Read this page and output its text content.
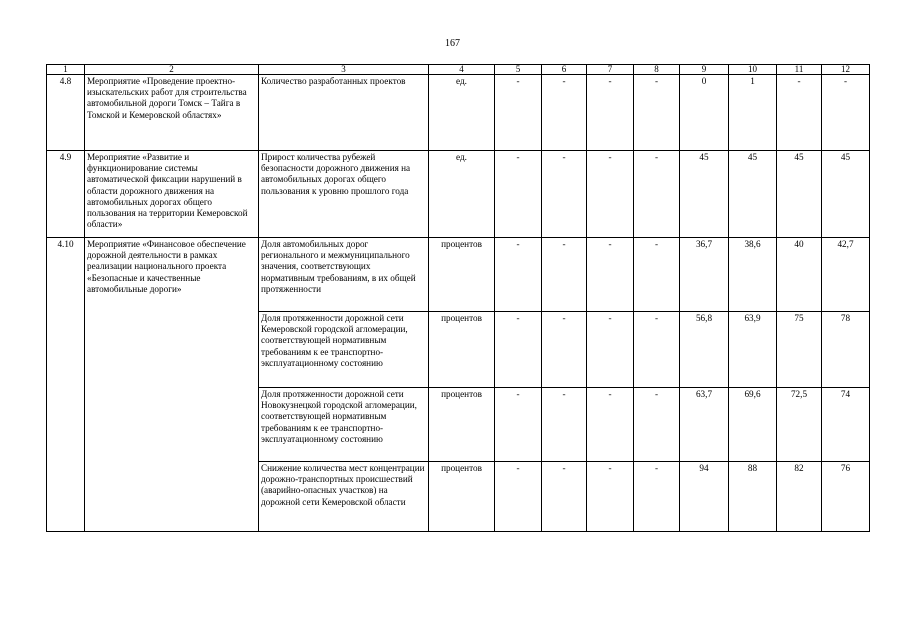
167
1	2	3	4	5	6	7	8	9	10	11	12
4.8	Мероприятие «Проведение проектно-изыскательских работ для строительства автомобильной дороги Томск – Тайга в Томской и Кемеровской областях»	Количество разработанных проектов	ед.	-	-	-	-	0	1	-	-
4.9	Мероприятие «Развитие и функционирование системы автоматической фиксации нарушений в области дорожного движения на автомобильных дорогах общего пользования на территории Кемеровской области»	Прирост количества рубежей безопасности дорожного движения на автомобильных дорогах общего пользования к уровню прошлого года	ед.	-	-	-	-	45	45	45	45
4.10	Мероприятие «Финансовое обеспечение дорожной деятельности в рамках реализации национального проекта «Безопасные и качественные автомобильные дороги»	Доля автомобильных дорог регионального и межмуниципального значения, соответствующих нормативным требованиям, в их общей протяженности	процентов	-	-	-	-	36,7	38,6	40	42,7
		Доля протяженности дорожной сети Кемеровской городской агломерации, соответствующей нормативным требованиям к ее транспортно-эксплуатационному состоянию	процентов	-	-	-	-	56,8	63,9	75	78
		Доля протяженности дорожной сети Новокузнецкой городской агломерации, соответствующей нормативным требованиям к ее транспортно-эксплуатационному состоянию	процентов	-	-	-	-	63,7	69,6	72,5	74
		Снижение количества мест концентрации дорожно-транспортных происшествий (аварийно-опасных участков) на дорожной сети Кемеровской области	процентов	-	-	-	-	94	88	82	76
